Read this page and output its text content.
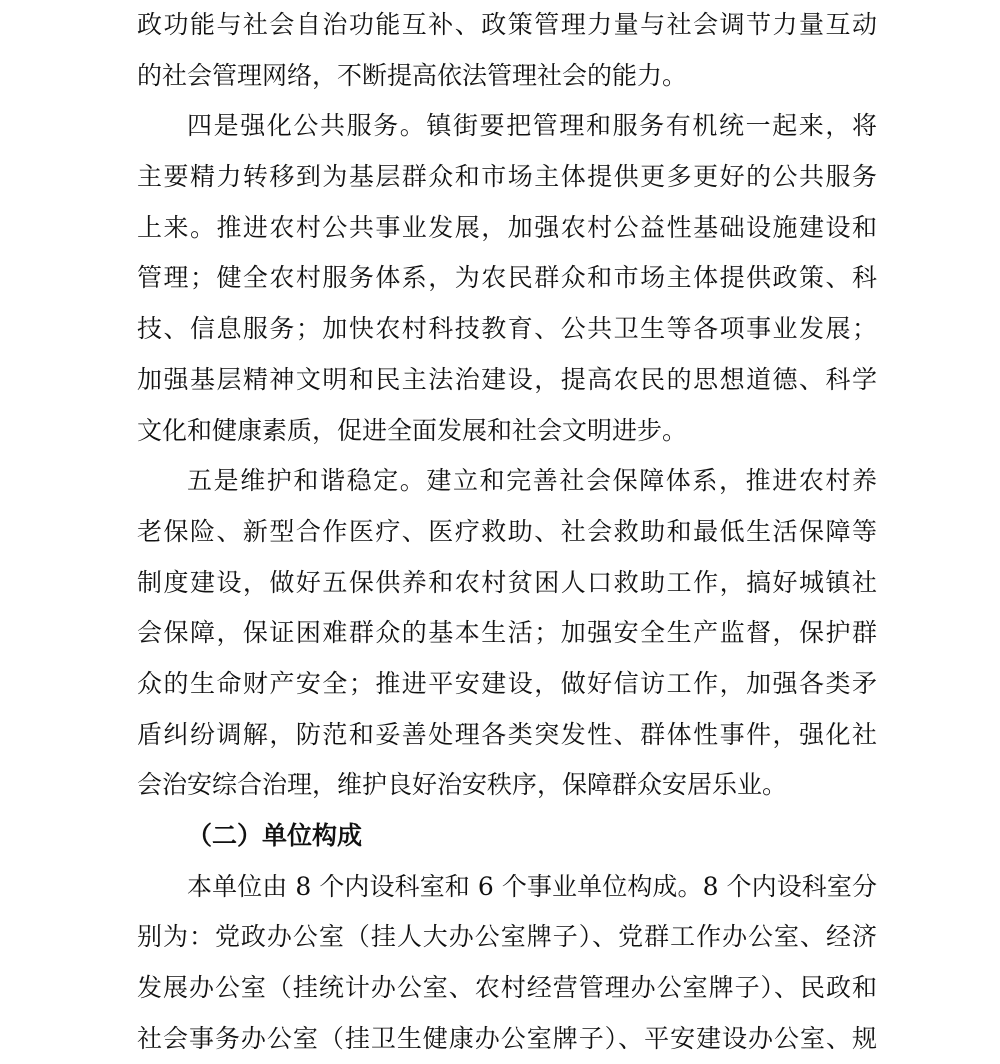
政功能与社会自治功能互补、政策管理力量与社会调节力量互动
的社会管理网络，不断提高依法管理社会的能力。
四是强化公共服务。镇街要把管理和服务有机统一起来，将
主要精力转移到为基层群众和市场主体提供更多更好的公共服务
上来。推进农村公共事业发展，加强农村公益性基础设施建设和
管理；健全农村服务体系，为农民群众和市场主体提供政策、科
技、信息服务；加快农村科技教育、公共卫生等各项事业发展；
加强基层精神文明和民主法治建设，提高农民的思想道德、科学
文化和健康素质，促进全面发展和社会文明进步。
五是维护和谐稳定。建立和完善社会保障体系，推进农村养
老保险、新型合作医疗、医疗救助、社会救助和最低生活保障等
制度建设，做好五保供养和农村贫困人口救助工作，搞好城镇社
会保障，保证困难群众的基本生活；加强安全生产监督，保护群
众的生命财产安全；推进平安建设，做好信访工作，加强各类矛
盾纠纷调解，防范和妥善处理各类突发性、群体性事件，强化社
会治安综合治理，维护良好治安秩序，保障群众安居乐业。
（二）单位构成
本单位由 8 个内设科室和 6 个事业单位构成。8 个内设科室分
别为：党政办公室（挂人大办公室牌子）、党群工作办公室、经济
发展办公室（挂统计办公室、农村经营管理办公室牌子）、民政和
社会事务办公室（挂卫生健康办公室牌子）、平安建设办公室、规
